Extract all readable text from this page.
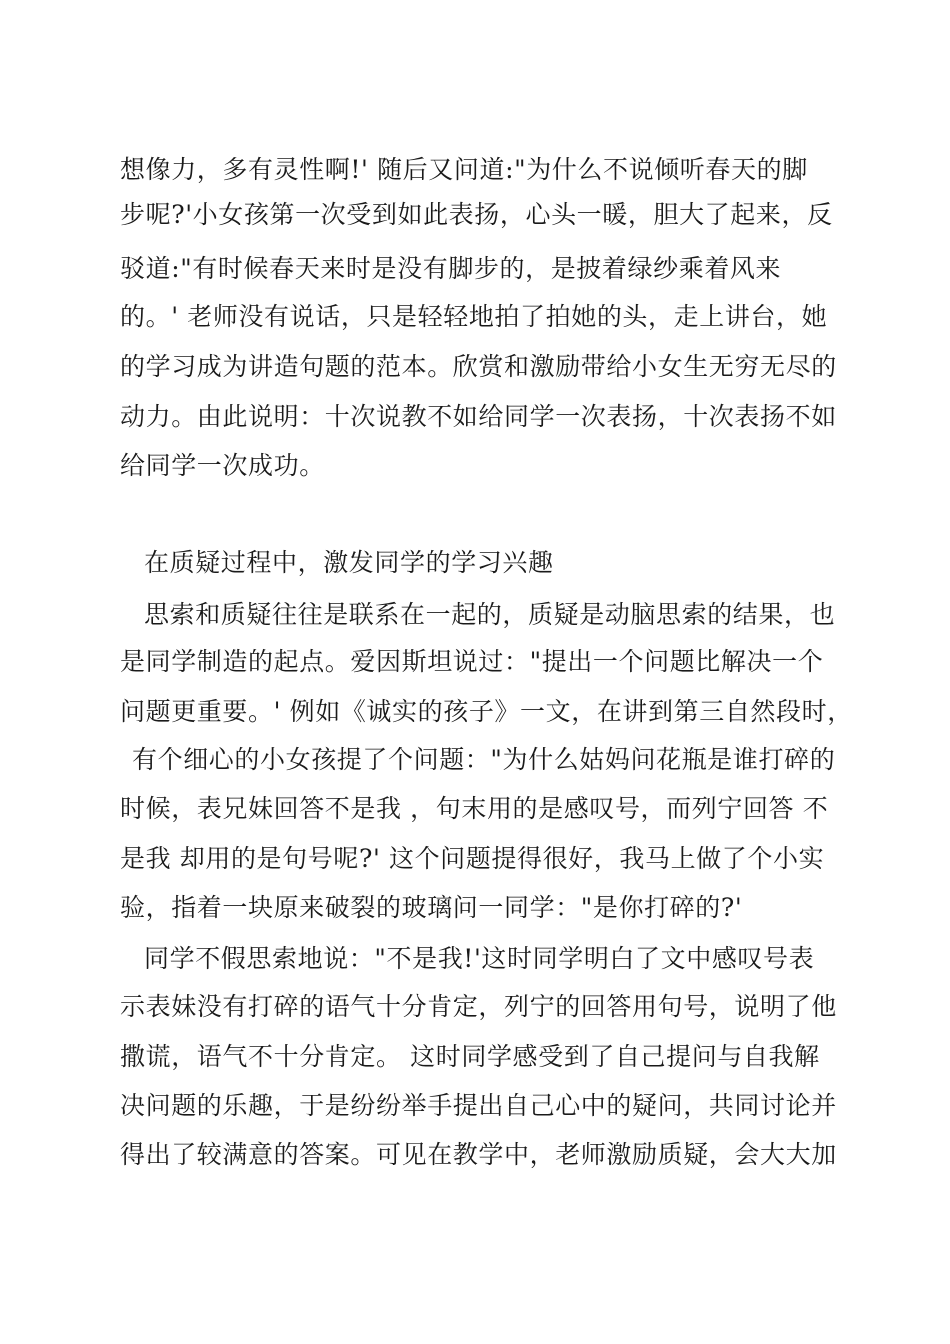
想像力，多有灵性啊!' 随后又问道:"为什么不说倾听春天的脚
步呢?'小女孩第一次受到如此表扬，心头一暖，胆大了起来，反
驳道:"有时候春天来时是没有脚步的，是披着绿纱乘着风来
的。' 老师没有说话，只是轻轻地拍了拍她的头，走上讲台，她
的学习成为讲造句题的范本。欣赏和激励带给小女生无穷无尽的
动力。由此说明：十次说教不如给同学一次表扬，十次表扬不如
给同学一次成功。
在质疑过程中，激发同学的学习兴趣
思索和质疑往往是联系在一起的，质疑是动脑思索的结果，也
是同学制造的起点。爱因斯坦说过："提出一个问题比解决一个
问题更重要。' 例如《诚实的孩子》一文，在讲到第三自然段时，
有个细心的小女孩提了个问题："为什么姑妈问花瓶是谁打碎的
时候，表兄妹回答不是我 ，句末用的是感叹号，而列宁回答 不
是我 却用的是句号呢?' 这个问题提得很好，我马上做了个小实
验，指着一块原来破裂的玻璃问一同学："是你打碎的?'
同学不假思索地说："不是我!'这时同学明白了文中感叹号表
示表妹没有打碎的语气十分肯定，列宁的回答用句号，说明了他
撒谎，语气不十分肯定。 这时同学感受到了自己提问与自我解
决问题的乐趣，于是纷纷举手提出自己心中的疑问，共同讨论并
得出了较满意的答案。可见在教学中，老师激励质疑，会大大加
